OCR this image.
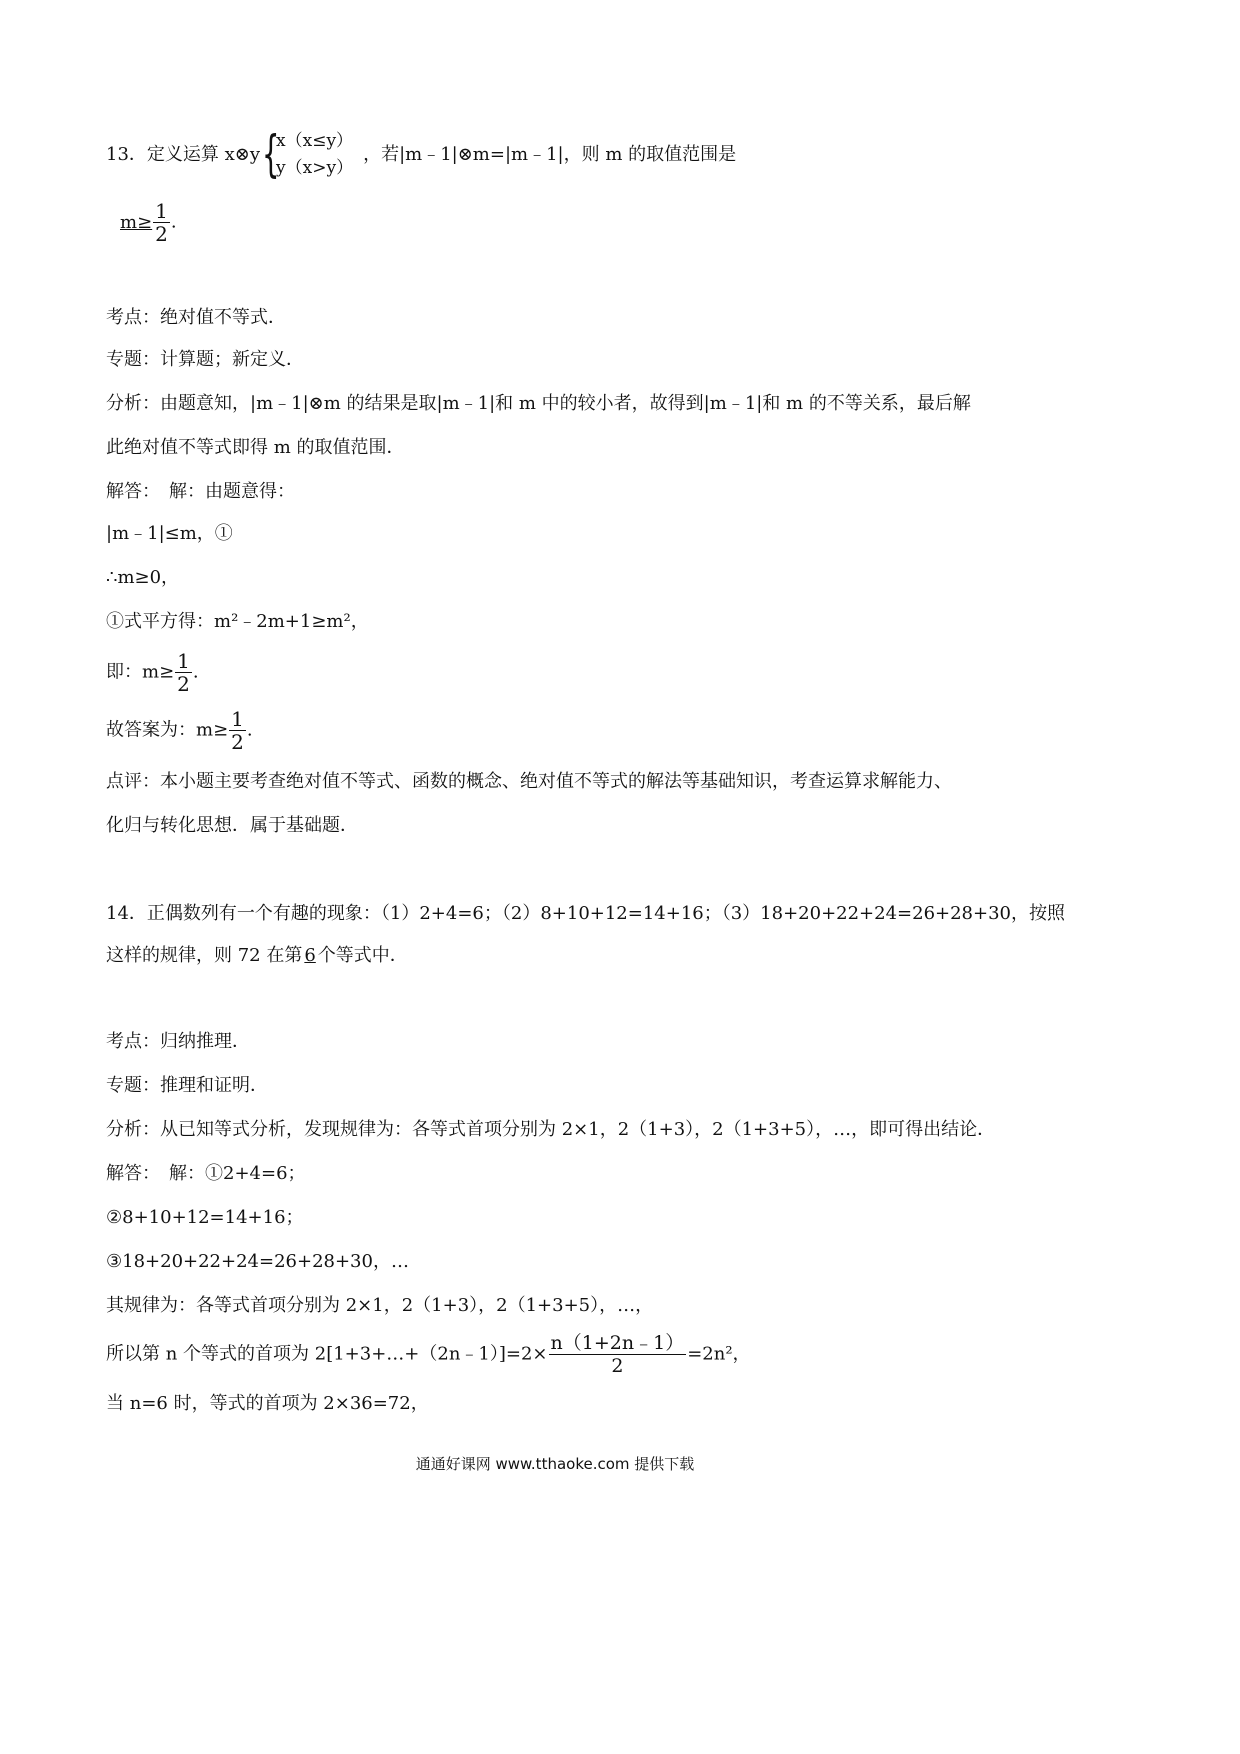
13．定义运算 x⊗y {
x（x≤y）
y（x>y）
，若|m﹣1|⊗m=|m﹣1|，则 m 的取值范围是
$m\ge \frac{1}{2}$ .
考点：绝对值不等式．
专题：计算题；新定义．
分析：由题意知，|m﹣1|⊗m 的结果是取|m﹣1|和 m 中的较小者，故得到|m﹣1|和 m 的不等关系，最后解
此绝对值不等式即得 m 的取值范围．
解答：　解：由题意得：
|m﹣1|≤m，①
∴m≥0，
①式平方得：m²﹣2m+1≥m²，
即：$m\ge \frac{1}{2}$ .
故答案为：$m\ge \frac{1}{2}$ .
点评：本小题主要考查绝对值不等式、函数的概念、绝对值不等式的解法等基础知识，考查运算求解能力、
化归与转化思想．属于基础题．
14．正偶数列有一个有趣的现象：（1）2+4=6；（2）8+10+12=14+16；（3）18+20+22+24=26+28+30，按照
这样的规律，则 72 在第 6 个等式中．
考点：归纳推理．
专题：推理和证明．
分析：从已知等式分析，发现规律为：各等式首项分别为 2×1，2（1+3），2（1+3+5），…，即可得出结论．
解答：　解：①2+4=6；
②8+10+12=14+16；
③18+20+22+24=26+28+30，…
其规律为：各等式首项分别为 2×1，2（1+3），2（1+3+5），…，
所以第 n 个等式的首项为 2[1+3+…+（2n﹣1）]=2× $\frac{n(1+2n﹣1)}{2} =2n^2$，
当 n=6 时，等式的首项为 2×36=72，
通通好课网 www.tthaoke.com 提供下载
